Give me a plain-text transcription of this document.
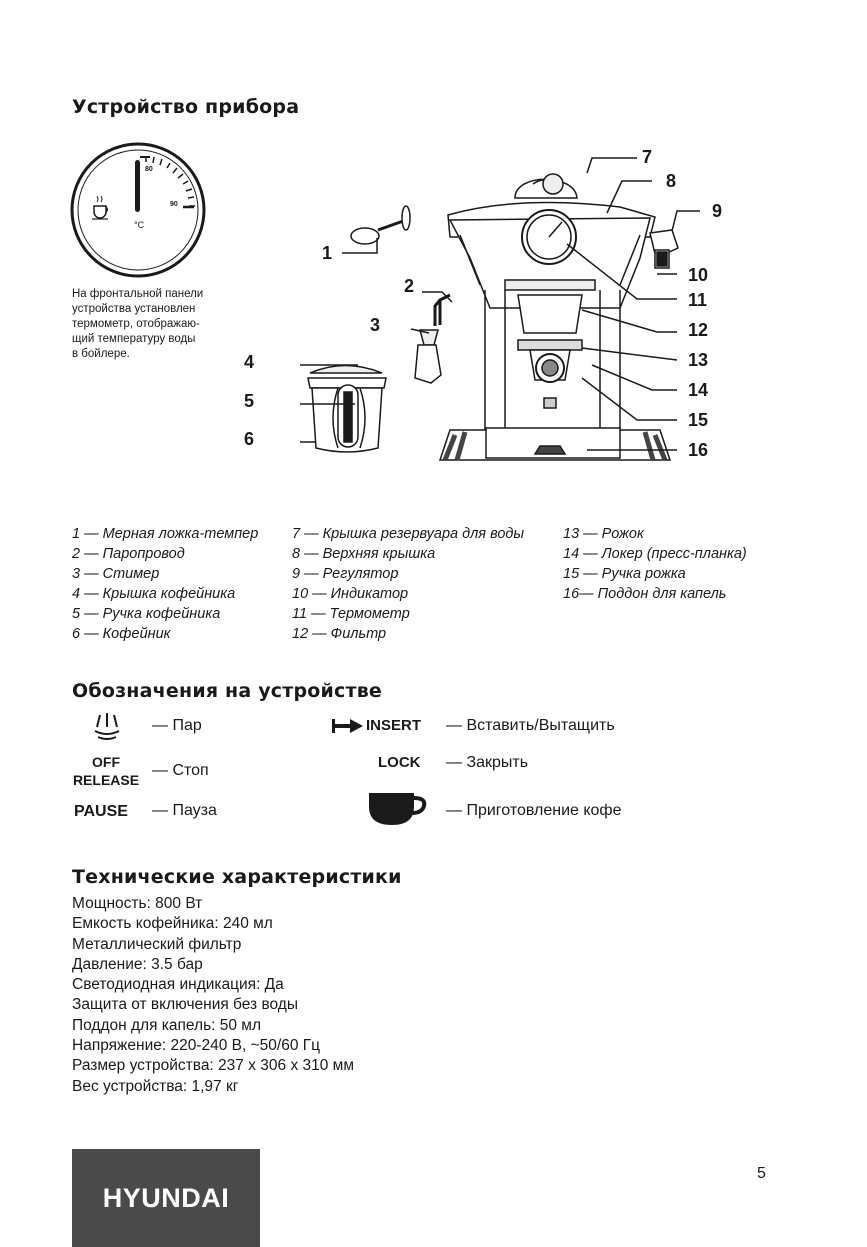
Устройство прибора
80
90
°C
На фронтальной панели
устройства установлен
термометр, отображаю-
щий температуру воды
в бойлере.
1
2
3
4
5
6
7
8
9
10
11
12
13
14
15
16
1 — Мерная ложка-темпер
2 — Паропровод
3 — Стимер
4 — Крышка кофейника
5 — Ручка кофейника
6 — Кофейник
7 — Крышка резервуара для воды
8 — Верхняя крышка
9 — Регулятор
10 — Индикатор
11 — Термометр
12 — Фильтр
13 — Рожок
14 — Локер (пресс-планка)
15 — Ручка рожка
16— Поддон для капель
Обозначения на устройстве
— Пар
OFF
RELEASE
— Стоп
PAUSE — Пауза
INSERT — Вставить/Вытащить
LOCK — Закрыть
— Приготовление кофе
Технические характеристики
Мощность: 800 Вт
Емкость кофейника: 240 мл
Металлический фильтр
Давление: 3.5 бар
Светодиодная индикация: Да
Защита от включения без воды
Поддон для капель: 50 мл
Напряжение: 220-240 В, ~50/60 Гц
Размер устройства: 237 x 306 x 310 мм
Вес устройства: 1,97 кг
HYUNDAI
5
